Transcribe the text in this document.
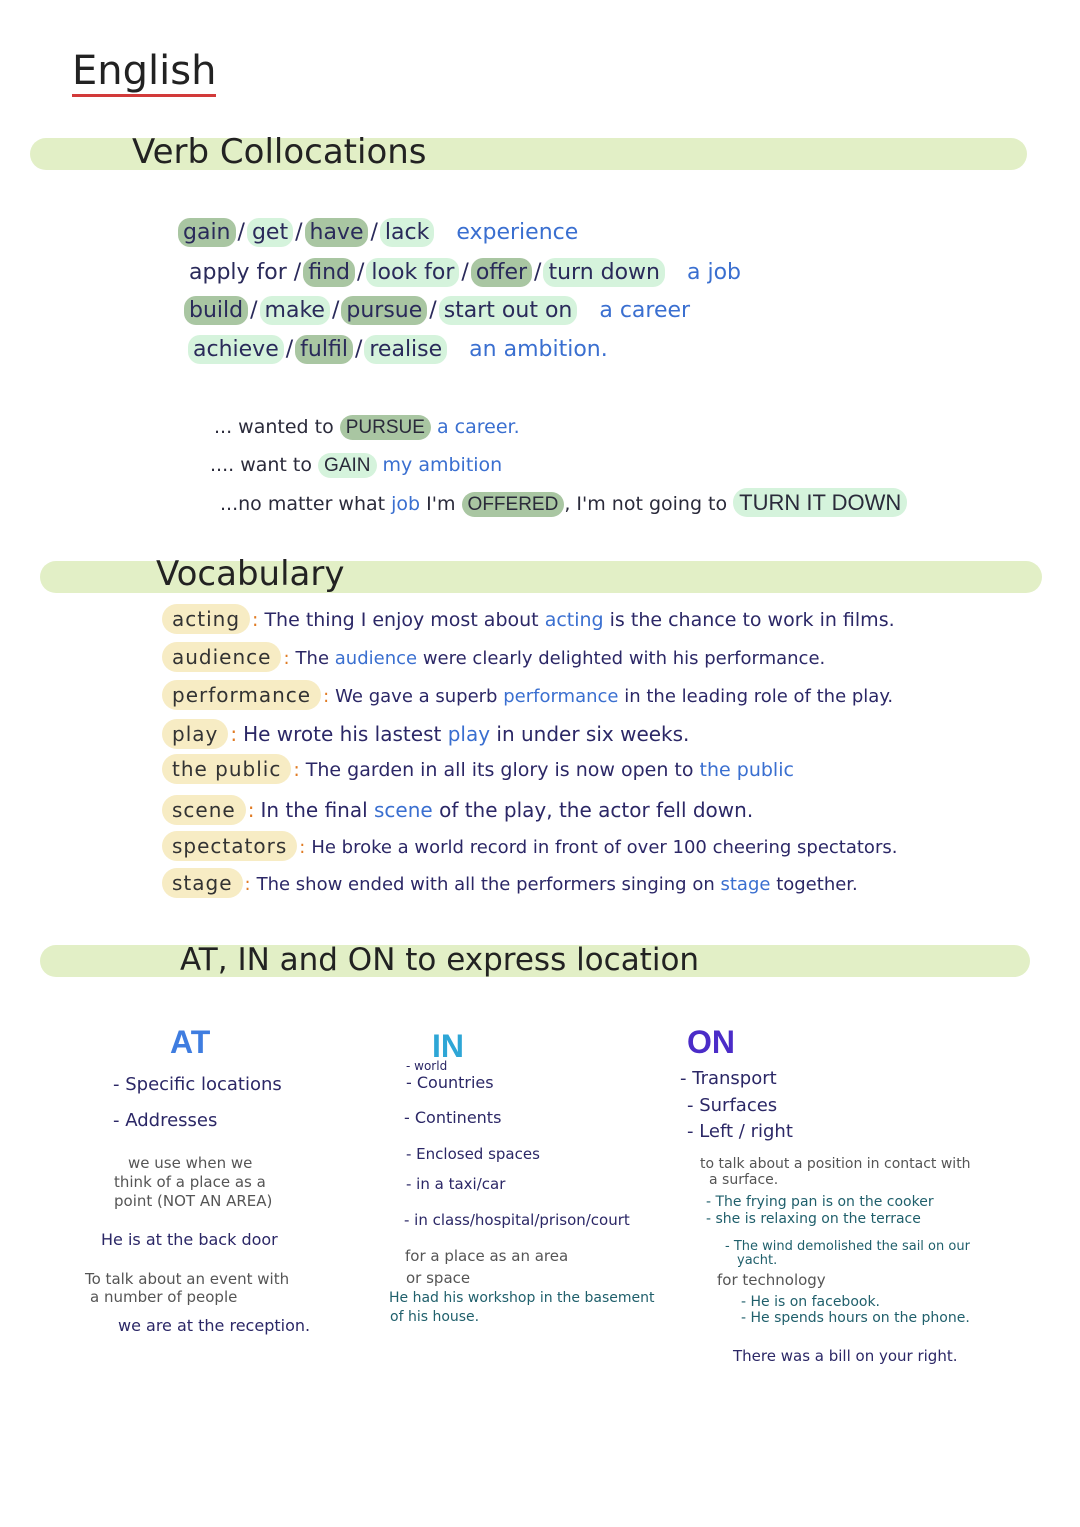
English
Verb Collocations
gain / get / have / lack experience
apply for / find / look for / offer / turn down a job
build / make / pursue / start out on a career
achieve / fulfil / realise an ambition.
... wanted to PURSUE a career.
.... want to GAIN my ambition
...no matter what job I'm OFFERED , I'm not going to TURN IT DOWN
Vocabulary
acting : The thing I enjoy most about acting is the chance to work in films.
audience : The audience were clearly delighted with his performance.
performance : We gave a superb performance in the leading role of the play.
play : He wrote his lastest play in under six weeks.
the public : The garden in all its glory is now open to the public
scene : In the final scene of the play, the actor fell down.
spectators : He broke a world record in front of over 100 cheering spectators.
stage : The show ended with all the performers singing on stage together.
AT, IN and ON to express location
AT
- Specific locations
- Addresses
we use when we
think of a place as a
point (NOT AN AREA)
He is at the back door
To talk about an event with
a number of people
we are at the reception.
IN
- world
- Countries
- Continents
- Enclosed spaces
- in a taxi/car
- in class/hospital/prison/court
for a place as an area
or space
He had his workshop in the basement
of his house.
ON
- Transport
- Surfaces
- Left / right
to talk about a position in contact with
a surface.
- The frying pan is on the cooker
- she is relaxing on the terrace
- The wind demolished the sail on our
yacht.
for technology
- He is on facebook.
- He spends hours on the phone.
There was a bill on your right.
